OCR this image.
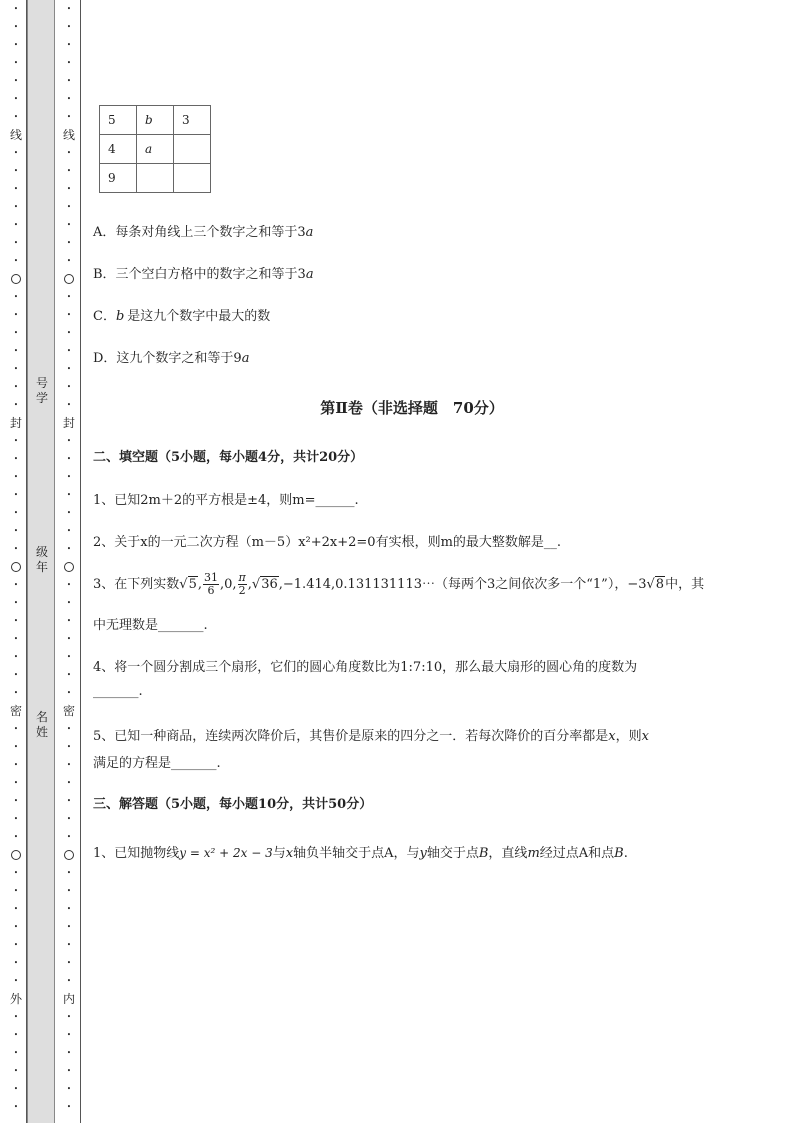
•
•
•
•
•
•
•
线
•
•
•
•
•
•
•
•
•
•
•
•
•
•
封
•
•
•
•
•
•
•
•
•
•
•
•
•
•
密
•
•
•
•
•
•
•
•
•
•
•
•
•
•
外
•
•
•
•
•
•
•
•
•
•
•
•
•
线
•
•
•
•
•
•
•
•
•
•
•
•
•
•
封
•
•
•
•
•
•
•
•
•
•
•
•
•
•
密
•
•
•
•
•
•
•
•
•
•
•
•
•
•
内
•
•
•
•
•
•
号学
级年
名姓
5	b	3
4	a	
9		
A．每条对角线上三个数字之和等于3a
B．三个空白方格中的数字之和等于3a
C．b 是这九个数字中最大的数
D．这九个数字之和等于9a
第Ⅱ卷（非选择题　70分）
二、填空题（5小题，每小题4分，共计20分）
1、已知2m＋2的平方根是±4，则m=______.
2、关于x的一元二次方程（m－5）x²+2x+2=0有实根，则m的最大整数解是__.
3、在下列实数√5, $\frac{31}{6} ,0$, $\frac{\pi}{2}$ ,√36,−1.414,0.131131113⋯（每两个3之间依次多一个“1”），−3√8中，其
中无理数是_______.
4、将一个圆分割成三个扇形，它们的圆心角度数比为1:7:10，那么最大扇形的圆心角的度数为
_______.
5、已知一种商品，连续两次降价后，其售价是原来的四分之一．若每次降价的百分率都是x，则x
满足的方程是_______.
三、解答题（5小题，每小题10分，共计50分）
1、已知抛物线y = x² + 2x − 3与x轴负半轴交于点A，与y轴交于点B，直线m经过点A和点B.
